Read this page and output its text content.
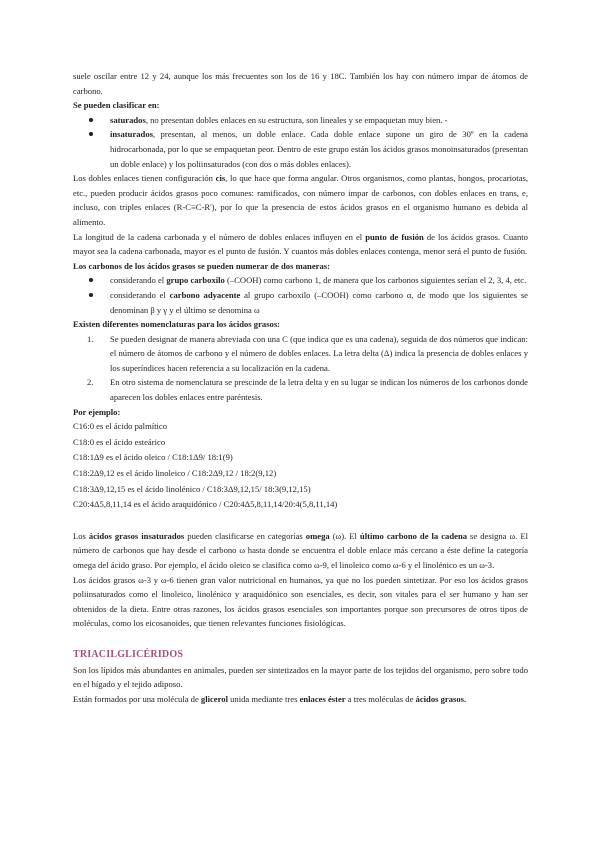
suele oscilar entre 12 y 24, aunque los más frecuentes son los de 16 y 18C. También los hay con número impar de átomos de carbono.

Se pueden clasificar en:

saturados, no presentan dobles enlaces en su estructura, son lineales y se empaquetan muy bien. -
insaturados, presentan, al menos, un doble enlace. Cada doble enlace supone un giro de 30º en la cadena hidrocarbonada, por lo que se empaquetan peor. Dentro de este grupo están los ácidos grasos monoinsaturados (presentan un doble enlace) y los poliinsaturados (con dos o más dobles enlaces).

Los dobles enlaces tienen configuración cis, lo que hace que forma angular. Otros organismos, como plantas, hongos, procariotas, etc., pueden producir ácidos grasos poco comunes: ramificados, con número impar de carbonos, con dobles enlaces en trans, e, incluso, con triples enlaces (R-C≡C-R'), por lo que la presencia de estos ácidos grasos en el organismo humano es debida al alimento.

La longitud de la cadena carbonada y el número de dobles enlaces influyen en el punto de fusión de los ácidos grasos. Cuanto mayor sea la cadena carbonada, mayor es el punto de fusión. Y cuantos más dobles enlaces contenga, menor será el punto de fusión.

Los carbonos de los ácidos grasos se pueden numerar de dos maneras:

considerando el grupo carboxilo (–COOH) como carbono 1, de manera que los carbonos siguientes serían el 2, 3, 4, etc.
considerando el carbono adyacente al grupo carboxilo (–COOH) como carbono α, de modo que los siguientes se denominan β y γ y el último se denomina ω

Existen diferentes nomenclaturas para los ácidos grasos:

1. Se pueden designar de manera abreviada con una C (que indica que es una cadena), seguida de dos números que indican: el número de átomos de carbono y el número de dobles enlaces. La letra delta (Δ) indica la presencia de dobles enlaces y los superíndices hacen referencia a su localización en la cadena.
2. En otro sistema de nomenclatura se prescinde de la letra delta y en su lugar se indican los números de los carbonos donde aparecen los dobles enlaces entre paréntesis.

Por ejemplo:

C16:0 es el ácido palmítico

C18:0 es el ácido esteárico

C18:1Δ9 es el ácido oleico / C18:1Δ9/ 18:1(9)

C18:2Δ9,12 es el ácido linoleico / C18:2Δ9,12 / 18:2(9,12)

C18:3Δ9,12,15 es el ácido linolénico / C18:3Δ9,12,15/ 18:3(9,12,15)

C20:4Δ5,8,11,14 es el ácido araquidónico / C20:4Δ5,8,11,14/20:4(5,8,11,14)

Los ácidos grasos insaturados pueden clasificarse en categorías omega (ω). El último carbono de la cadena se designa ω. El número de carbonos que hay desde el carbono ω hasta donde se encuentra el doble enlace más cercano a éste define la categoría omega del ácido graso. Por ejemplo, el ácido oleico se clasifica como ω-9, el linoleico como ω-6 y el linolénico es un ω-3.

Los ácidos grasos ω-3 y ω-6 tienen gran valor nutricional en humanos, ya que no los pueden sintetizar. Por eso los ácidos grasos poliinsaturados como el linoleico, linolénico y araquidónico son esenciales, es decir, son vitales para el ser humano y han ser obtenidos de la dieta. Entre otras razones, los ácidos grasos esenciales son importantes porque son precursores de otros tipos de moléculas, como los eicosanoides, que tienen relevantes funciones fisiológicas.

TRIACILGLICÉRIDOS

Son los lípidos más abundantes en animales, pueden ser sintetizados en la mayor parte de los tejidos del organismo, pero sobre todo en el hígado y el tejido adiposo.

Están formados por una molécula de glicerol unida mediante tres enlaces éster a tres moléculas de ácidos grasos.
